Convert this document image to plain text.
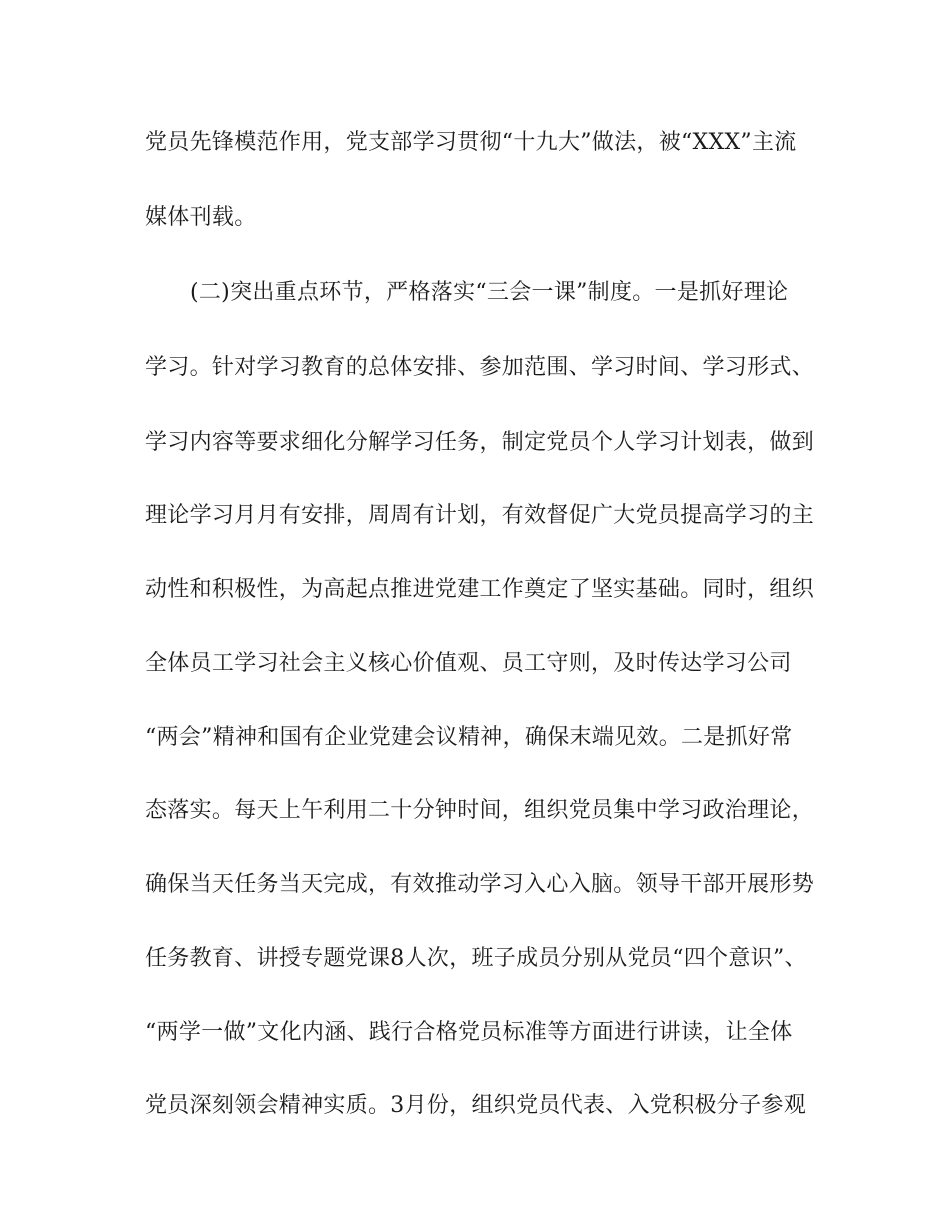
党员先锋模范作用，党支部学习贯彻“十九大”做法，被“XXX”主流
媒体刊载。
(二)突出重点环节，严格落实“三会一课”制度。一是抓好理论
学习。针对学习教育的总体安排、参加范围、学习时间、学习形式、
学习内容等要求细化分解学习任务，制定党员个人学习计划表，做到
理论学习月月有安排，周周有计划，有效督促广大党员提高学习的主
动性和积极性，为高起点推进党建工作奠定了坚实基础。同时，组织
全体员工学习社会主义核心价值观、员工守则，及时传达学习公司
“两会”精神和国有企业党建会议精神，确保末端见效。二是抓好常
态落实。每天上午利用二十分钟时间，组织党员集中学习政治理论，
确保当天任务当天完成，有效推动学习入心入脑。领导干部开展形势
任务教育、讲授专题党课8人次，班子成员分别从党员“四个意识”、
“两学一做”文化内涵、践行合格党员标准等方面进行讲读，让全体
党员深刻领会精神实质。3月份，组织党员代表、入党积极分子参观
